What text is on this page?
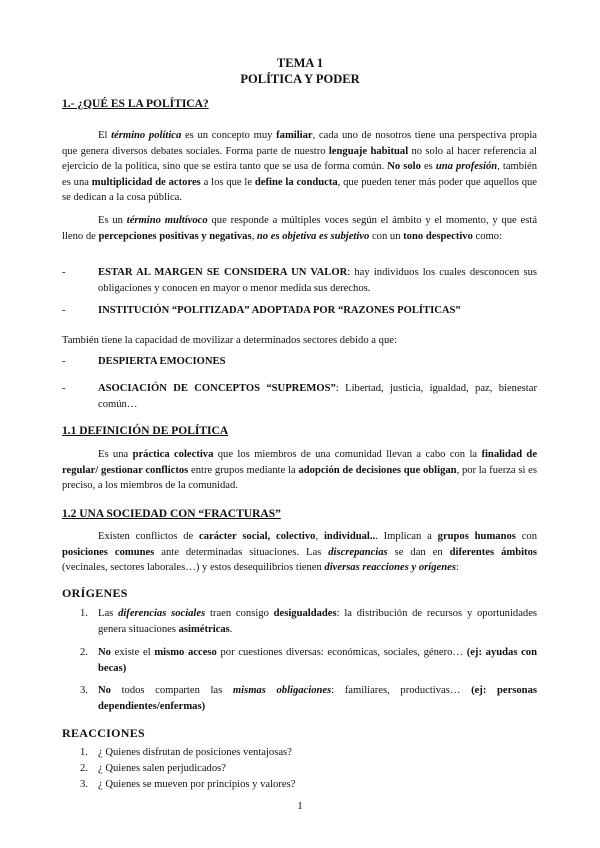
TEMA 1
POLÍTICA Y PODER
1.- ¿QUÉ ES LA POLÍTICA?
El término política es un concepto muy familiar, cada uno de nosotros tiene una perspectiva propia que genera diversos debates sociales. Forma parte de nuestro lenguaje habitual no solo al hacer referencia al ejercicio de la política, sino que se estira tanto que se usa de forma común. No solo es una profesión, también es una multiplicidad de actores a los que le define la conducta, que pueden tener más poder que aquellos que se dedican a la cosa pública.
Es un término multívoco que responde a múltiples voces según el ámbito y el momento, y que está lleno de percepciones positivas y negativas, no es objetiva es subjetivo con un tono despectivo como:
-	ESTAR AL MARGEN SE CONSIDERA UN VALOR: hay individuos los cuales desconocen sus obligaciones y conocen en mayor o menor medida sus derechos.
-	INSTITUCIÓN “POLITIZADA” ADOPTADA POR “RAZONES POLÍTICAS”
También tiene la capacidad de movilizar a determinados sectores debido a que:
-	DESPIERTA EMOCIONES
-	ASOCIACIÓN DE CONCEPTOS “SUPREMOS”: Libertad, justicia, igualdad, paz, bienestar común…
1.1 DEFINICIÓN DE POLÍTICA
Es una práctica colectiva que los miembros de una comunidad llevan a cabo con la finalidad de regular/ gestionar conflictos entre grupos mediante la adopción de decisiones que obligan, por la fuerza si es preciso, a los miembros de la comunidad.
1.2 UNA SOCIEDAD CON “FRACTURAS”
Existen conflictos de carácter social, colectivo, individual... Implican a grupos humanos con posiciones comunes ante determinadas situaciones. Las discrepancias se dan en diferentes ámbitos (vecinales, sectores laborales…) y estos desequilibrios tienen diversas reacciones y orígenes:
ORÍGENES
1. Las diferencias sociales traen consigo desigualdades: la distribución de recursos y oportunidades genera situaciones asimétricas.
2. No existe el mismo acceso por cuestiones diversas: económicas, sociales, género… (ej: ayudas con becas)
3. No todos comparten las mismas obligaciones: familiares, productivas… (ej: personas dependientes/enfermas)
REACCIONES
1. ¿ Quienes disfrutan de posiciones ventajosas?
2. ¿ Quienes salen perjudicados?
3. ¿ Quienes se mueven por principios y valores?
1
